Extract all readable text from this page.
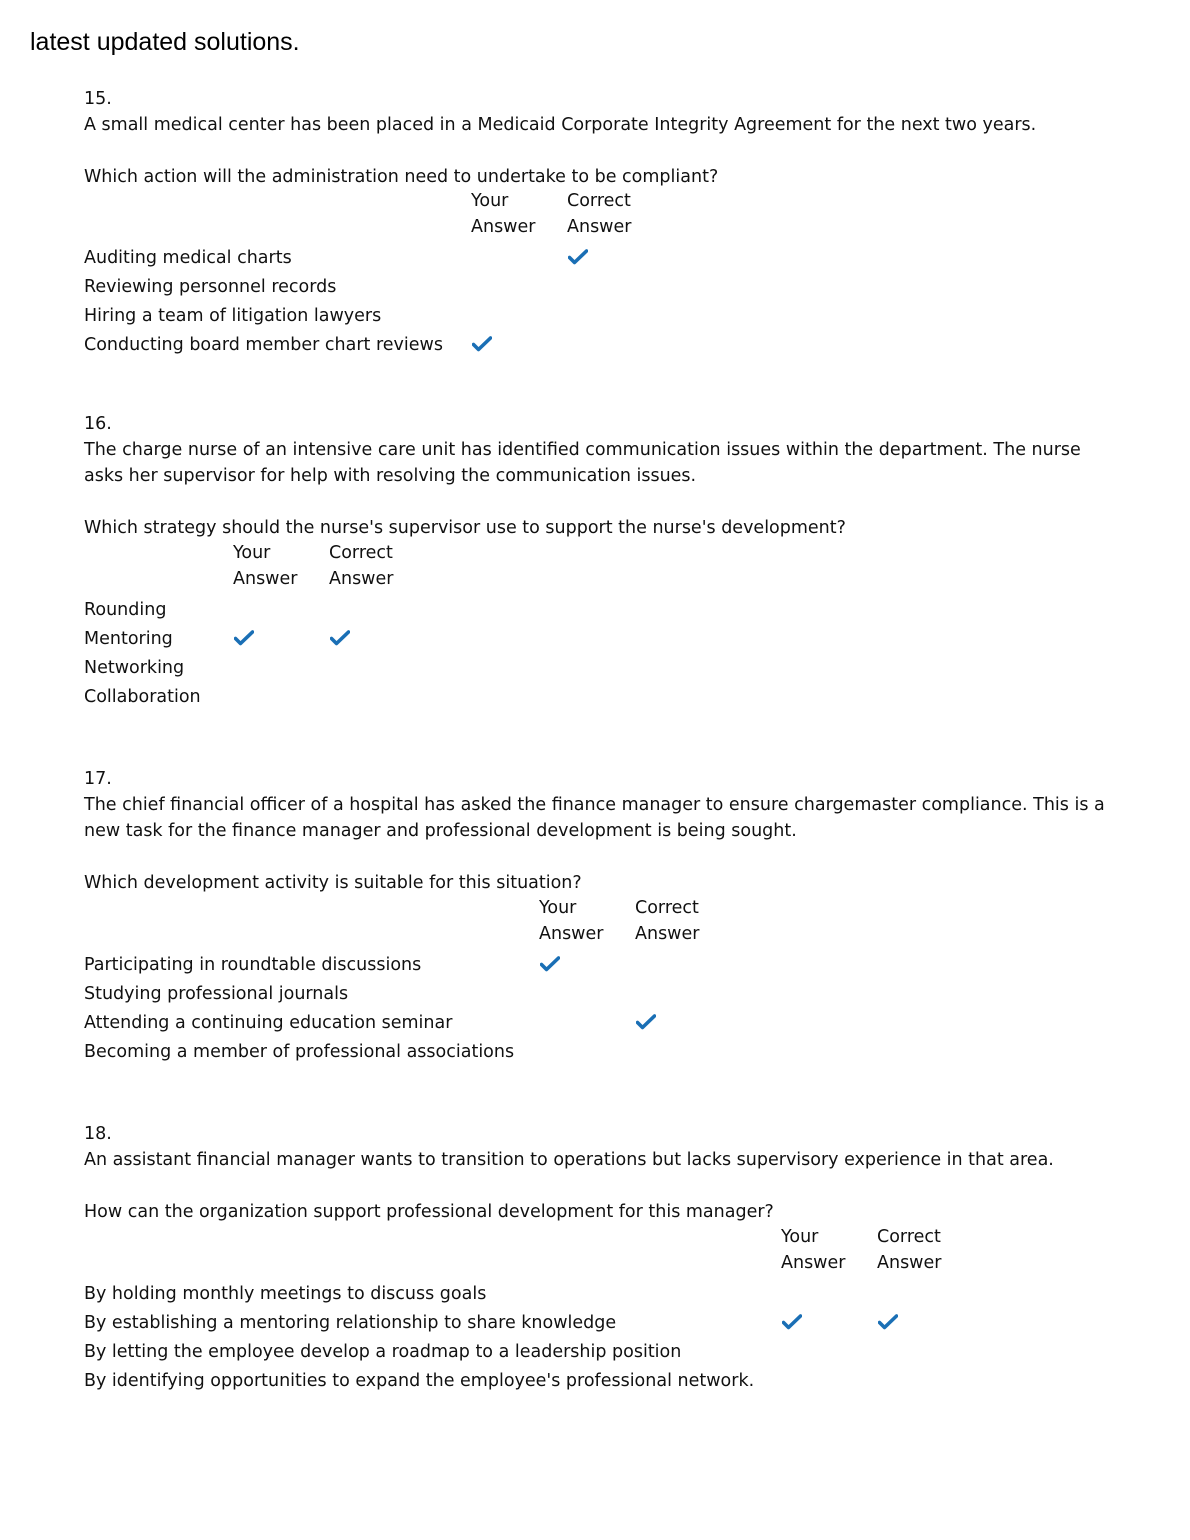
latest updated solutions.
15.
A small medical center has been placed in a Medicaid Corporate Integrity Agreement for the next two years.
Which action will the administration need to undertake to be compliant?
Your
Answer
Correct
Answer
Auditing medical charts
Reviewing personnel records
Hiring a team of litigation lawyers
Conducting board member chart reviews
16.
The charge nurse of an intensive care unit has identified communication issues within the department. The nurse asks her supervisor for help with resolving the communication issues.
Which strategy should the nurse's supervisor use to support the nurse's development?
Your
Answer
Correct
Answer
Rounding
Mentoring
Networking
Collaboration
17.
The chief financial officer of a hospital has asked the finance manager to ensure chargemaster compliance. This is a new task for the finance manager and professional development is being sought.
Which development activity is suitable for this situation?
Your
Answer
Correct
Answer
Participating in roundtable discussions
Studying professional journals
Attending a continuing education seminar
Becoming a member of professional associations
18.
An assistant financial manager wants to transition to operations but lacks supervisory experience in that area.
How can the organization support professional development for this manager?
Your
Answer
Correct
Answer
By holding monthly meetings to discuss goals
By establishing a mentoring relationship to share knowledge
By letting the employee develop a roadmap to a leadership position
By identifying opportunities to expand the employee's professional network.
